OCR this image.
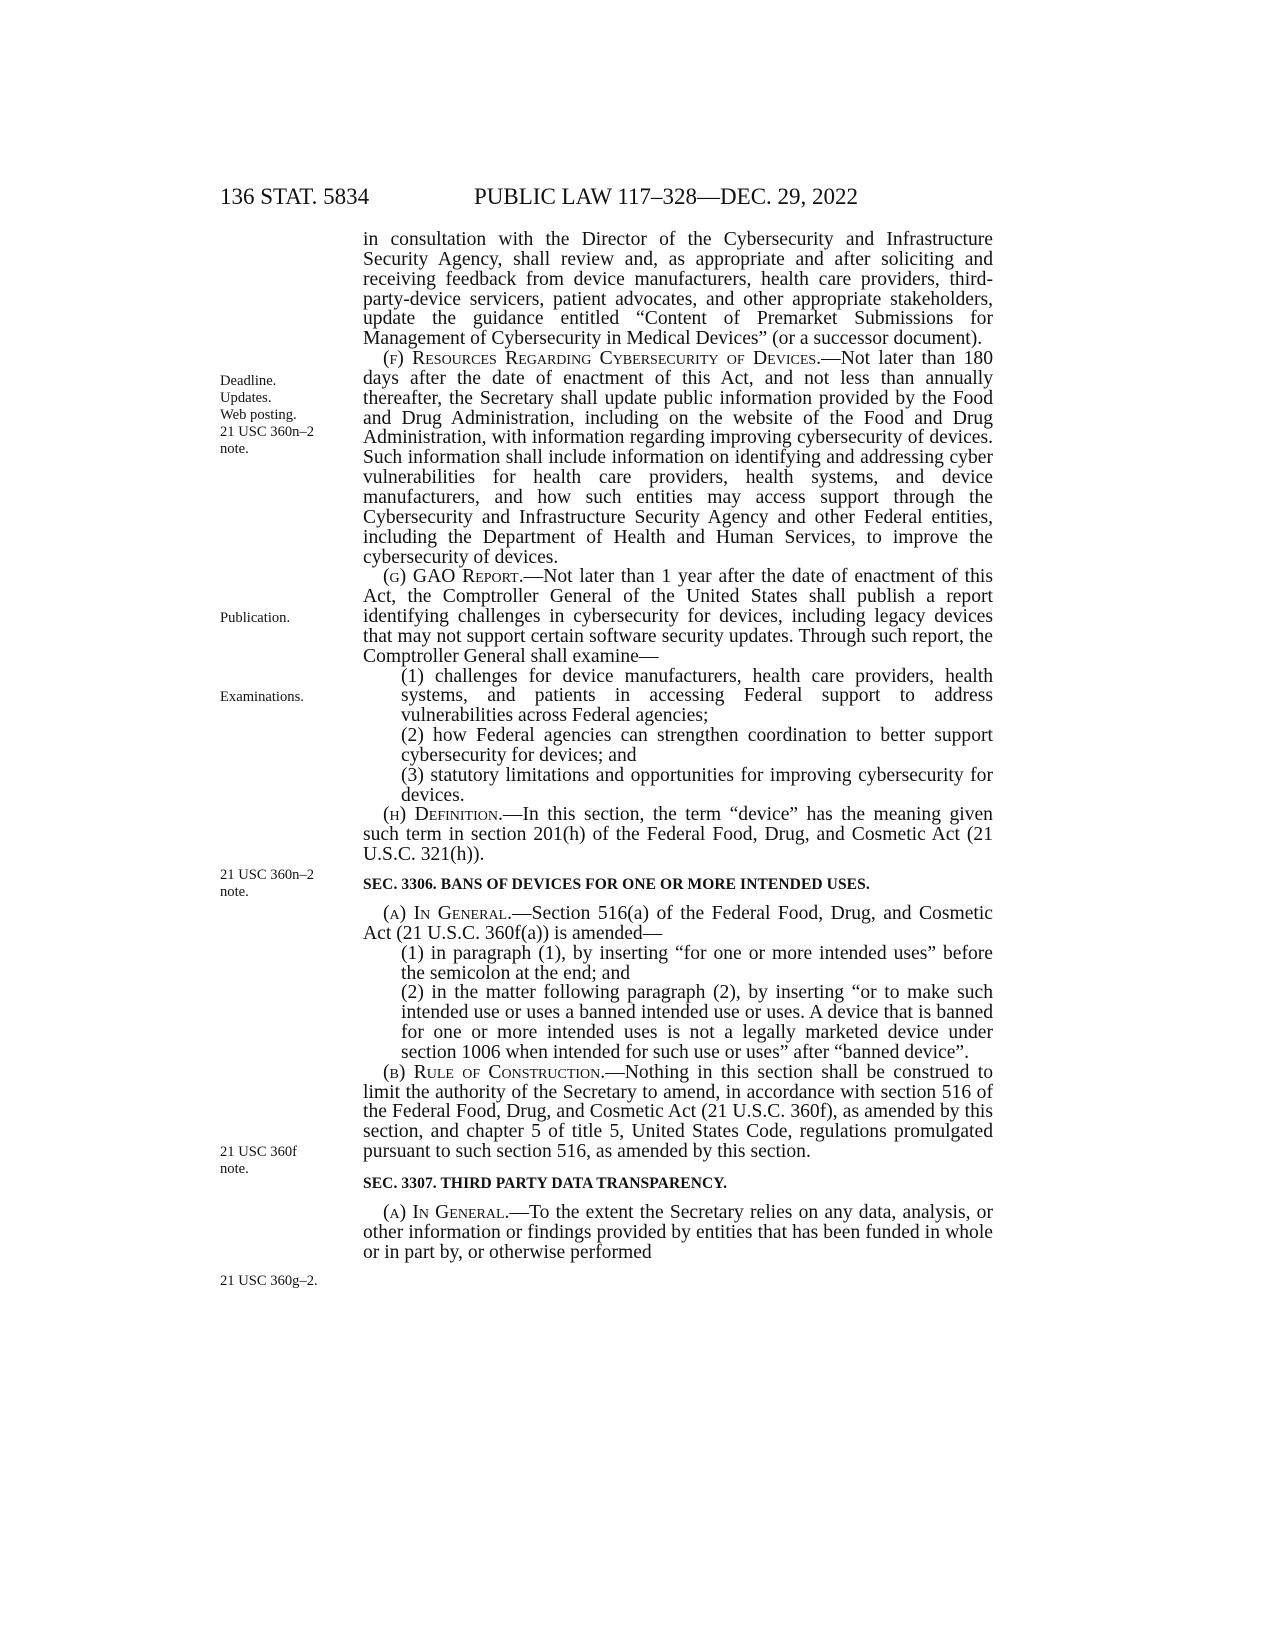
136 STAT. 5834	PUBLIC LAW 117–328—DEC. 29, 2022
Deadline.
Updates.
Web posting.
21 USC 360n–2
note.
Publication.
Examinations.
21 USC 360n–2
note.
21 USC 360f
note.
21 USC 360g–2.

in consultation with the Director of the Cybersecurity and Infrastructure Security Agency, shall review and, as appropriate and after soliciting and receiving feedback from device manufacturers, health care providers, third-party-device servicers, patient advocates, and other appropriate stakeholders, update the guidance entitled “Content of Premarket Submissions for Management of Cybersecurity in Medical Devices” (or a successor document).

(f) Resources Regarding Cybersecurity of Devices.—Not later than 180 days after the date of enactment of this Act, and not less than annually thereafter, the Secretary shall update public information provided by the Food and Drug Administration, including on the website of the Food and Drug Administration, with information regarding improving cybersecurity of devices. Such information shall include information on identifying and addressing cyber vulnerabilities for health care providers, health systems, and device manufacturers, and how such entities may access support through the Cybersecurity and Infrastructure Security Agency and other Federal entities, including the Department of Health and Human Services, to improve the cybersecurity of devices.

(g) GAO Report.—Not later than 1 year after the date of enactment of this Act, the Comptroller General of the United States shall publish a report identifying challenges in cybersecurity for devices, including legacy devices that may not support certain software security updates. Through such report, the Comptroller General shall examine—

(1) challenges for device manufacturers, health care providers, health systems, and patients in accessing Federal support to address vulnerabilities across Federal agencies;

(2) how Federal agencies can strengthen coordination to better support cybersecurity for devices; and

(3) statutory limitations and opportunities for improving cybersecurity for devices.

(h) Definition.—In this section, the term “device” has the meaning given such term in section 201(h) of the Federal Food, Drug, and Cosmetic Act (21 U.S.C. 321(h)).

SEC. 3306. BANS OF DEVICES FOR ONE OR MORE INTENDED USES.

(a) In General.—Section 516(a) of the Federal Food, Drug, and Cosmetic Act (21 U.S.C. 360f(a)) is amended—

(1) in paragraph (1), by inserting “for one or more intended uses” before the semicolon at the end; and

(2) in the matter following paragraph (2), by inserting “or to make such intended use or uses a banned intended use or uses. A device that is banned for one or more intended uses is not a legally marketed device under section 1006 when intended for such use or uses” after “banned device”.

(b) Rule of Construction.—Nothing in this section shall be construed to limit the authority of the Secretary to amend, in accordance with section 516 of the Federal Food, Drug, and Cosmetic Act (21 U.S.C. 360f), as amended by this section, and chapter 5 of title 5, United States Code, regulations promulgated pursuant to such section 516, as amended by this section.

SEC. 3307. THIRD PARTY DATA TRANSPARENCY.

(a) In General.—To the extent the Secretary relies on any data, analysis, or other information or findings provided by entities that has been funded in whole or in part by, or otherwise performed
